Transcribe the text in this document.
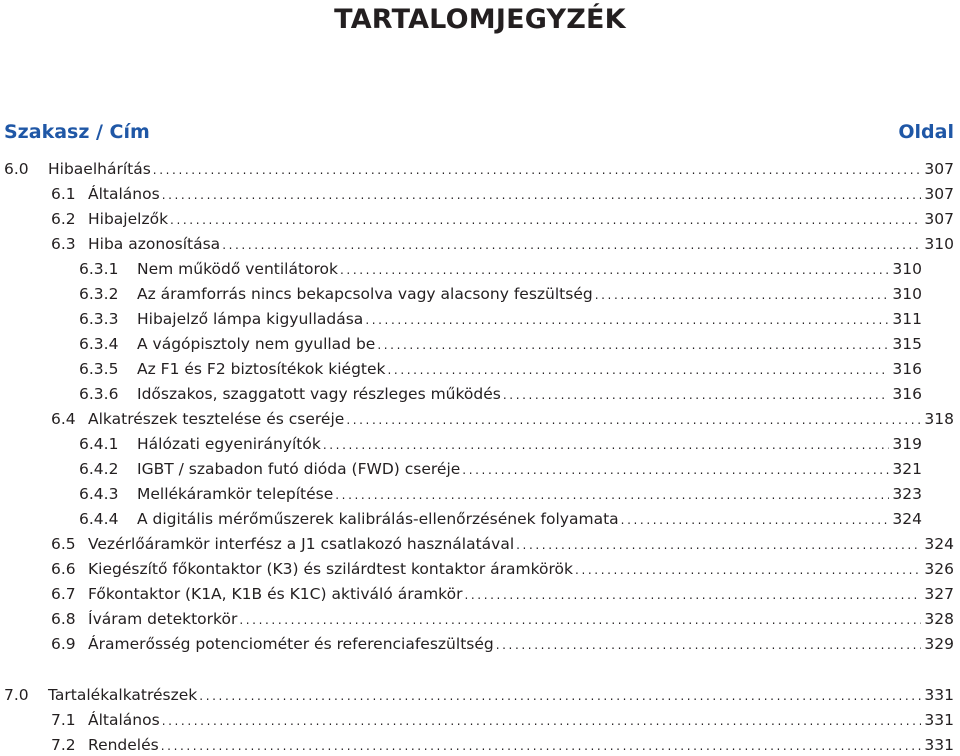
TARTALOMJEGYZÉK
Szakasz / Cím	Oldal
6.0	Hibaelhárítás .....	307
6.1 Általános .....	307
6.2 Hibajelzők .....	307
6.3 Hiba azonosítása .....	310
6.3.1	Nem működő ventilátorok .....	310
6.3.2	Az áramforrás nincs bekapcsolva vagy alacsony feszültség .....	310
6.3.3	Hibajelző lámpa kigyulladása .....	311
6.3.4	A vágópisztoly nem gyullad be .....	315
6.3.5	Az F1 és F2 biztosítékok kiégtek .....	316
6.3.6	Időszakos, szaggatott vagy részleges működés .....	316
6.4 Alkatrészek tesztelése és cseréje .....	318
6.4.1	Hálózati egyenirányítók .....	319
6.4.2	IGBT / szabadon futó dióda (FWD) cseréje .....	321
6.4.3	Mellékáramkör telepítése .....	323
6.4.4	A digitális mérőműszerek kalibrálás-ellenőrzésének folyamata .....	324
6.5 Vezérlőáramkör interfész a J1 csatlakozó használatával .....	324
6.6 Kiegészítő főkontaktor (K3) és szilárdtest kontaktor áramkörök .....	326
6.7 Főkontaktor (K1A, K1B és K1C) aktiváló áramkör .....	327
6.8 Íváram detektorkör .....	328
6.9 Áramerősség potenciométer és referenciafeszültség .....	329
7.0	Tartalékalkatrészek .....	331
7.1 Általános .....	331
7.2 Rendelés .....	331
